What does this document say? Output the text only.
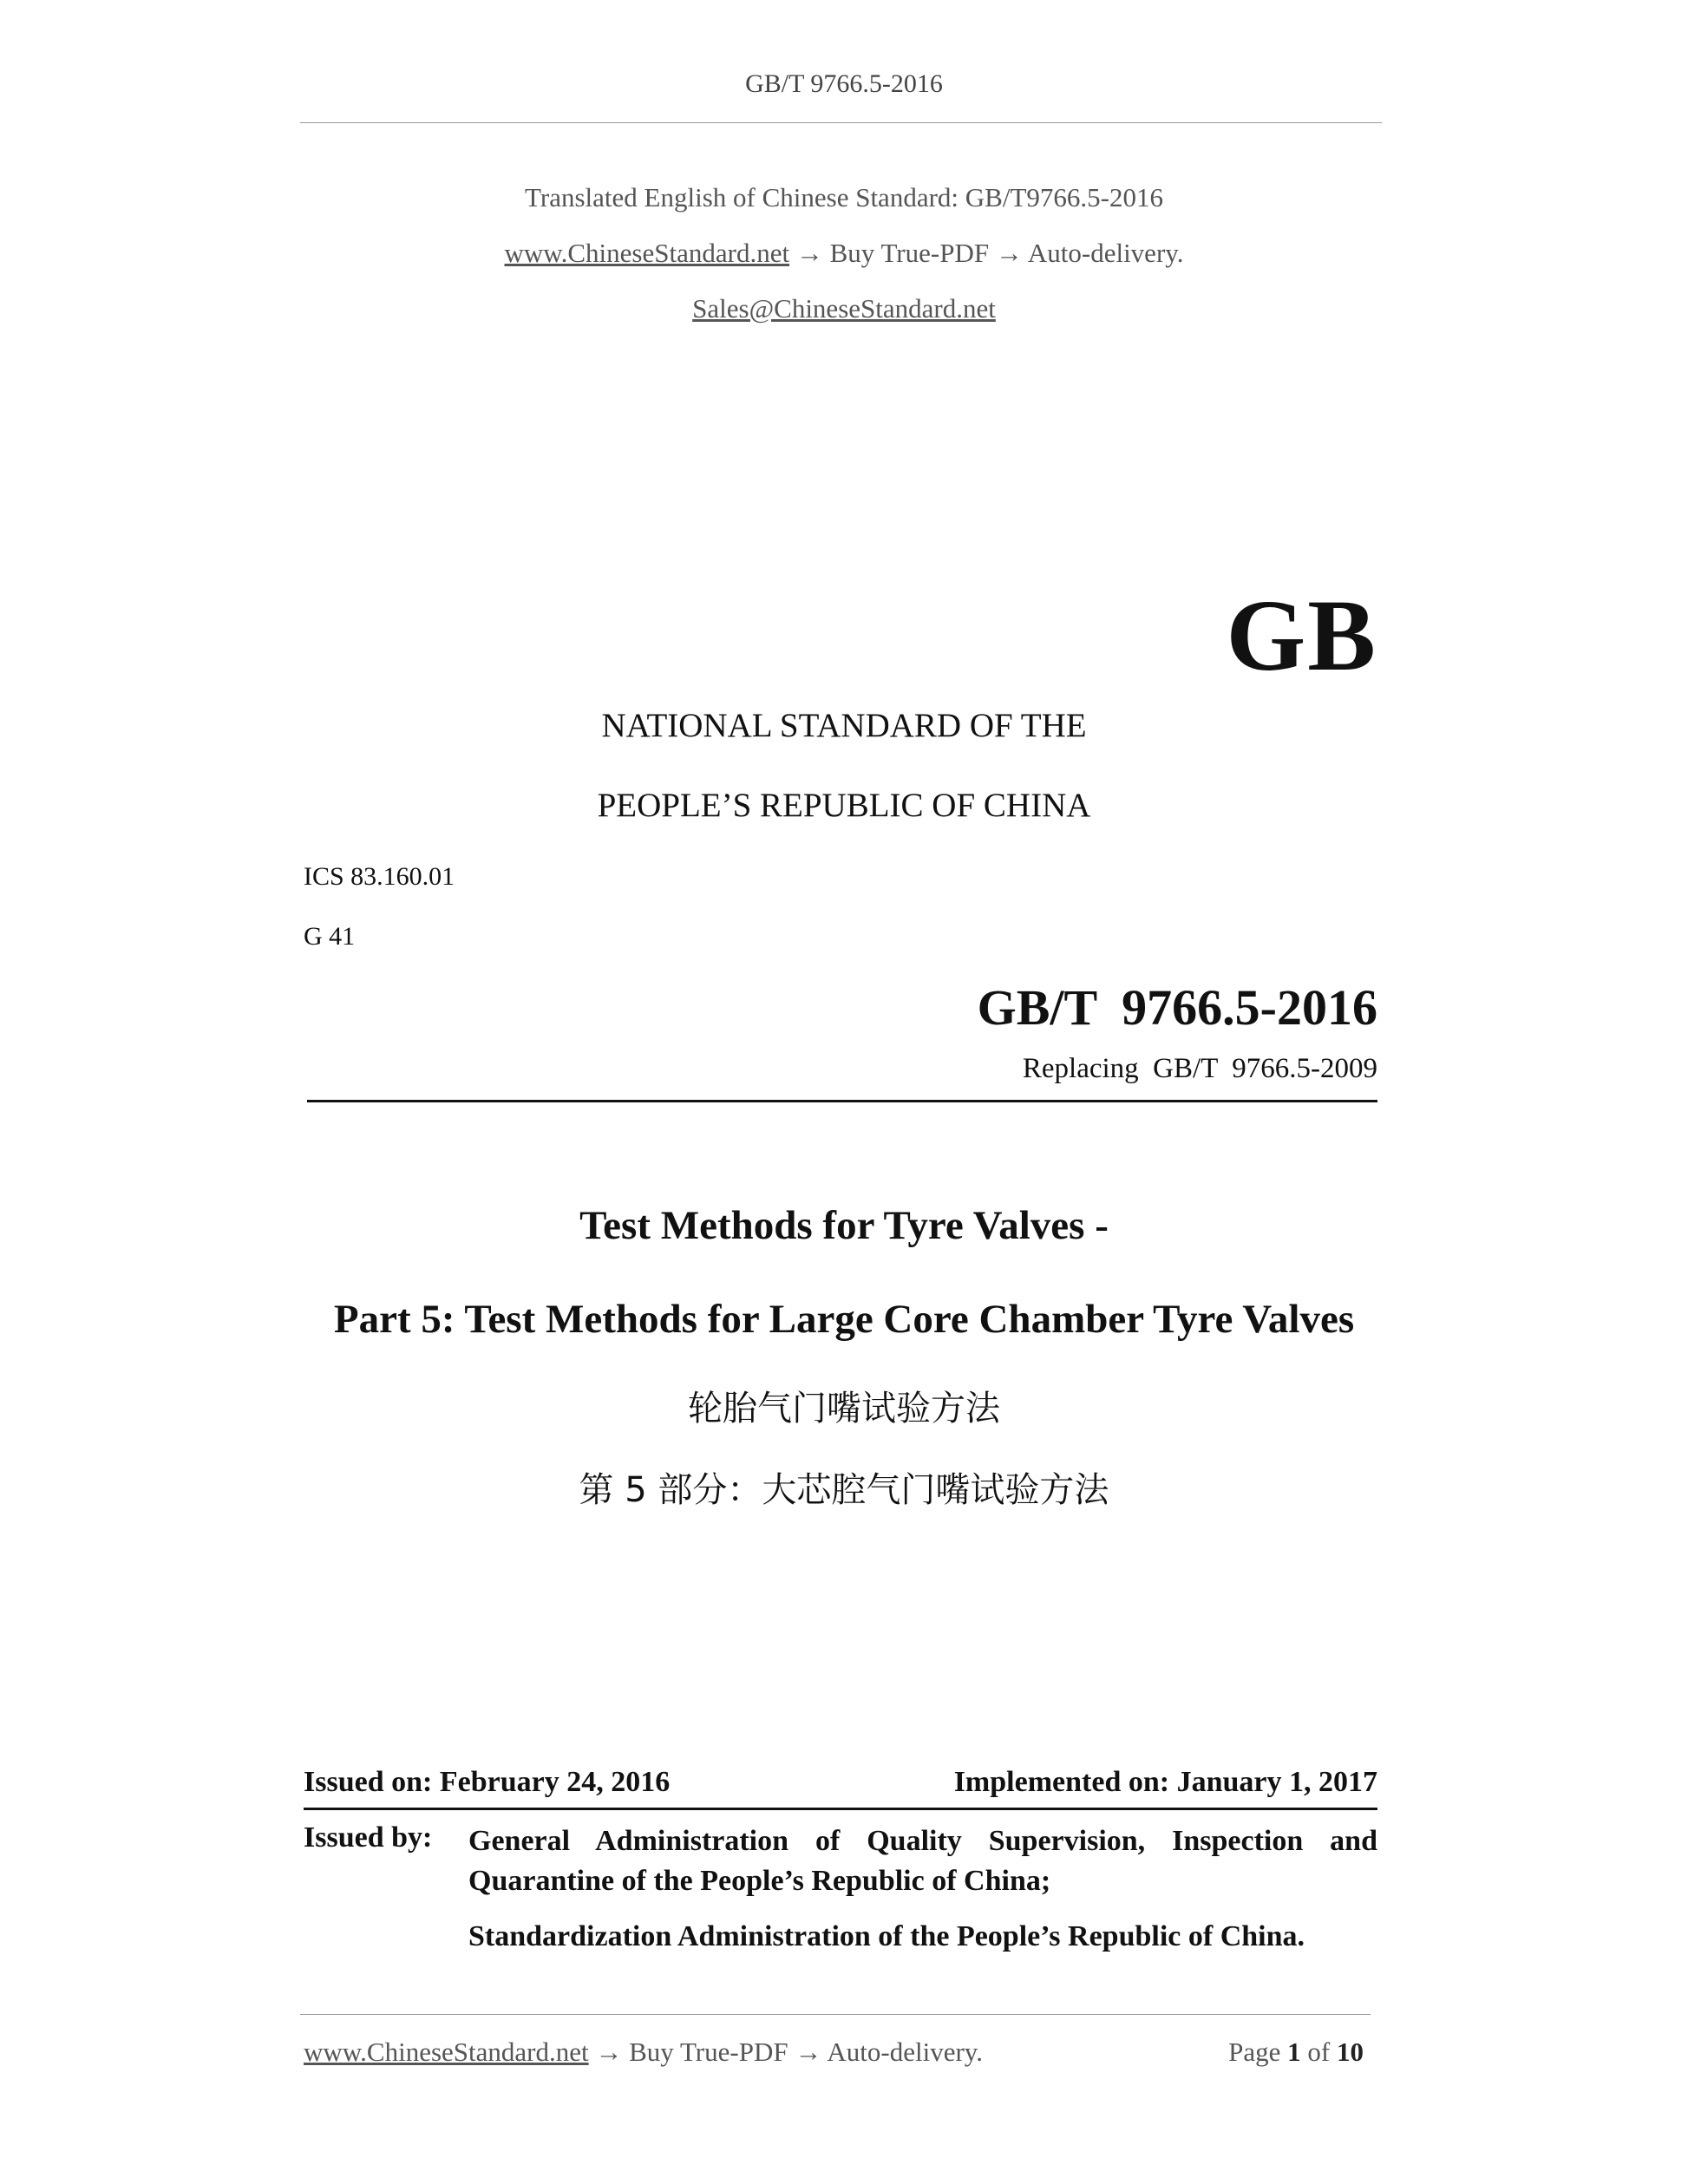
GB/T 9766.5-2016
Translated English of Chinese Standard: GB/T9766.5-2016
www.ChineseStandard.net → Buy True-PDF → Auto-delivery.
Sales@ChineseStandard.net
GB
NATIONAL STANDARD OF THE
PEOPLE’S REPUBLIC OF CHINA
ICS 83.160.01
G 41
GB/T  9766.5-2016
Replacing  GB/T  9766.5-2009
Test Methods for Tyre Valves -
Part 5: Test Methods for Large Core Chamber Tyre Valves
轮胎气门嘴试验方法
第 5 部分：大芯腔气门嘴试验方法
Issued on: February 24, 2016	Implemented on: January 1, 2017
Issued by: General Administration of Quality Supervision, Inspection and Quarantine of the People’s Republic of China;
Standardization Administration of the People’s Republic of China.
www.ChineseStandard.net → Buy True-PDF → Auto-delivery.	Page 1 of 10
